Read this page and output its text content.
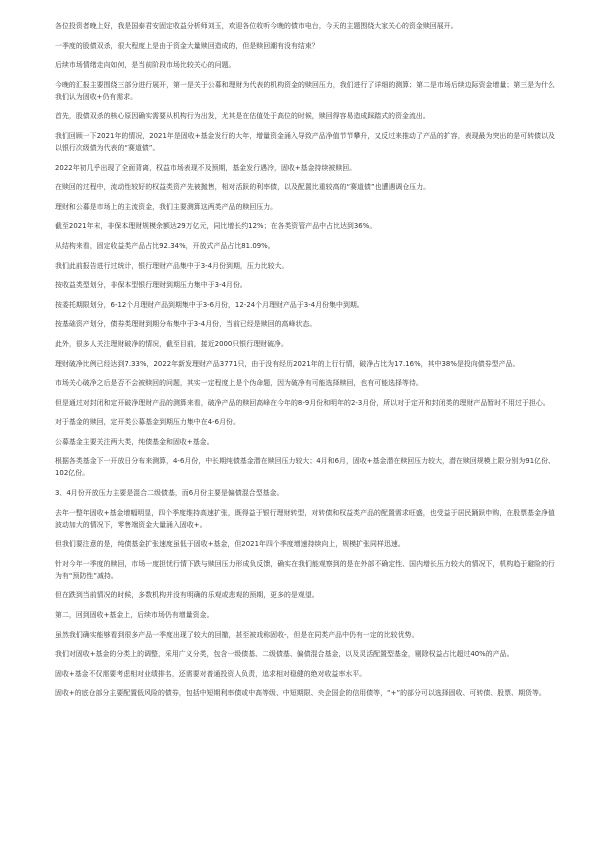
各位投资者晚上好，我是国泰君安固定收益分析师刘玉，欢迎各位收听今晚的债市电台，今天的主题围绕大家关心的资金赎回展开。

一季度的股债双杀，很大程度上是由于资金大量赎回造成的，但是赎回潮有没有结束？

后续市场情绪走向如何，是当前阶段市场比较关心的问题。

今晚的汇报主要围绕三部分进行展开，第一是关于公募和理财为代表的机构资金的赎回压力，我们进行了详细的测算；第二是市场后续边际资金增量；第三是为什么我们认为固收+仍有需求。

首先，股债双杀的核心原因确实需要从机构行为出发，尤其是在估值处于高位的时候，赎回得容易造成踩踏式的资金流出。

我们回顾一下2021年的情况，2021年是固收+基金发行的大年，增量资金涌入导致产品净值节节攀升，又反过来推动了产品的扩容，表现最为突出的是可转债以及以银行次级债为代表的“赛道债”。

2022年初几乎出现了全面背离，权益市场表现不及预期，基金发行遇冷，固收+基金持续被赎回。

在赎回的过程中，流动性较好的权益类资产先被抛售，相对活跃的利率债，以及配置比重较高的“赛道债”也遭遇调仓压力。

理财和公募是市场上的主流资金，我们主要测算这两类产品的赎回压力。

截至2021年末，非保本理财规模余额达29万亿元，同比增长约12%；在各类资管产品中占比达到36%。

从结构来看，固定收益类产品占比92.34%，开放式产品占比81.09%。

我们此前报告进行过统计，银行理财产品集中于3-4月份到期，压力比较大。

按收益类型划分，非保本型银行理财到期压力集中于3-4月份。

按委托期限划分，6-12个月理财产品到期集中于3-6月份，12-24个月理财产品于3-4月份集中到期。

按基础资产划分，债券类理财到期分布集中于3-4月份，当前已经是赎回的高峰状态。

此外，很多人关注理财破净的情况，截至目前，接近2000只银行理财破净。

理财破净比例已经达到7.33%，2022年新发理财产品3771只，由于没有经历2021年的上行行情，破净占比为17.16%，其中38%是投向债券型产品。

市场关心破净之后是否不会被赎回的问题，其实一定程度上是个伪命题，因为破净有可能选择赎回，也有可能选择等待。

但是通过对封闭和定开破净理财产品的测算来看，破净产品的赎回高峰在今年的8-9月份和明年的2-3月份，所以对于定开和封闭类的理财产品暂时不用过于担心。

对于基金的赎回，定开类公募基金到期压力集中在4-6月份。

公募基金主要关注两大类，纯债基金和固收+基金。

根据各类基金下一开放日分布来测算，4-6月份，中长期纯债基金潜在赎回压力较大；4月和6月，固收+基金潜在赎回压力较大，潜在赎回规模上限分别为91亿份、102亿份。

3、4月份开放压力主要是混合二级债基，而6月份主要是偏债混合型基金。

去年一整年固收+基金增幅明显，四个季度维持高速扩张，既得益于银行理财转型，对转债和权益类产品的配置需求旺盛，也受益于居民踊跃申购，在股票基金净值波动加大的情况下，零售端资金大量涌入固收+。

但我们要注意的是，纯债基金扩张速度虽低于固收+基金，但2021年四个季度增速持续向上，规模扩张同样迅速。

针对今年一季度的赎回，市场一度担忧行情下跌与赎回压力形成负反馈，确实在我们能观察到的是在外部不确定性、国内增长压力较大的情况下，机构趋于避险的行为有“预防性”减持。

但在跌到当前情况的时候，多数机构并没有明确的乐观或悲观的预期，更多的是观望。

第二，回到固收+基金上，后续市场仍有增量资金。

虽然我们确实能够看到很多产品一季度出现了较大的回撤，甚至被戏称固收-，但是在同类产品中仍有一定的比较优势。

我们对固收+基金的分类上的调整，采用广义分类，包含一级债基、二级债基、偏债混合基金，以及灵活配置型基金，剔除权益占比超过40%的产品。

固收+基金不仅需要考虑相对业绩排名，还需要对普通投资人负责，追求相对稳健的绝对收益率水平。

固收+的底仓部分主要配置低风险的债券，包括中短期利率债或中高等级、中短期限、央企国企的信用债等，“+”的部分可以选择固收、可转债、股票、期货等。
